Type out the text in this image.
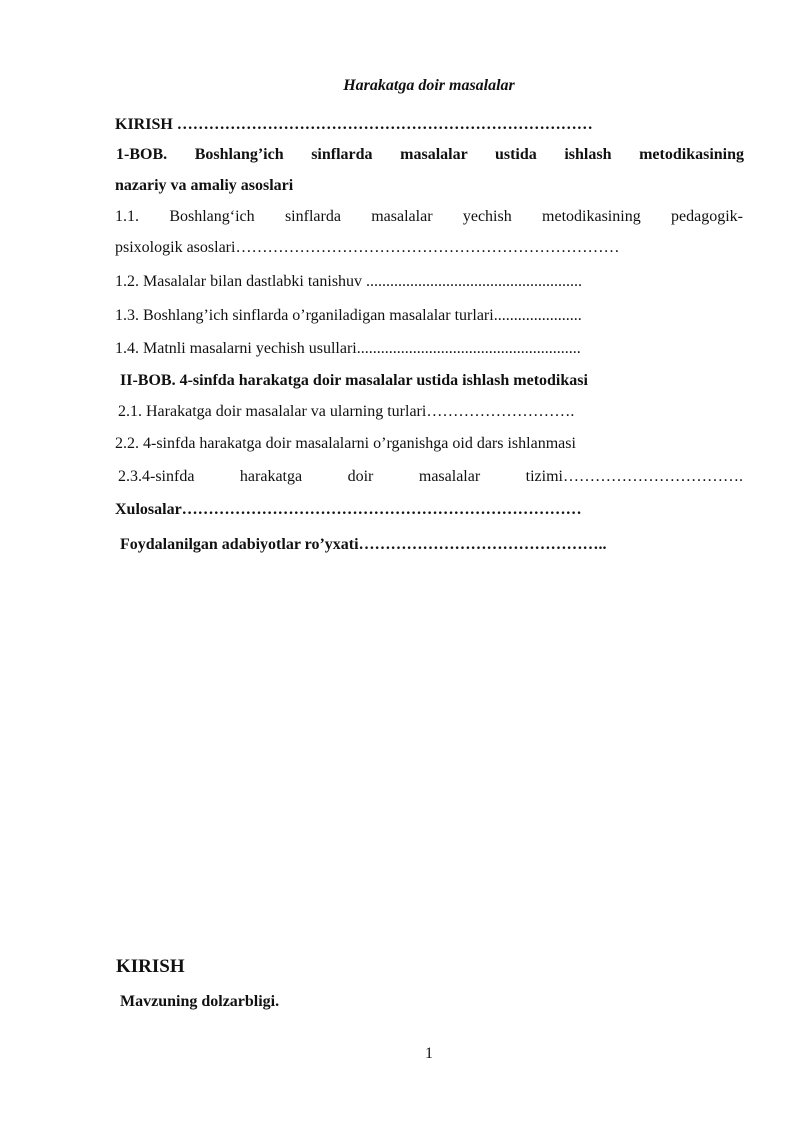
Harakatga doir masalalar
KIRISH ……………………………………………………………………
1-BOB. Boshlang’ich sinflarda masalalar ustida ishlash metodikasining
nazariy va amaliy asoslari
1.1. Boshlang‘ich sinflarda masalalar yechish metodikasining pedagogik-
psixologik asoslari………………………………………………………………
1.2. Masalalar bilan dastlabki tanishuv ......................................................
1.3. Boshlang’ich sinflarda o’rganiladigan masalalar turlari......................
1.4. Matnli masalarni yechish usullari........................................................
II-BOB. 4-sinfda harakatga doir masalalar ustida ishlash metodikasi
2.1. Harakatga doir masalalar va ularning turlari……………………….
2.2. 4-sinfda harakatga doir masalalarni o’rganishga oid dars ishlanmasi
2.3.4-sinfda harakatga doir masalalar tizimi…………………………….
Xulosalar…………………………………………………………………
Foydalanilgan adabiyotlar ro’yxati………………………………………..
KIRISH
Mavzuning dolzarbligi.
1
